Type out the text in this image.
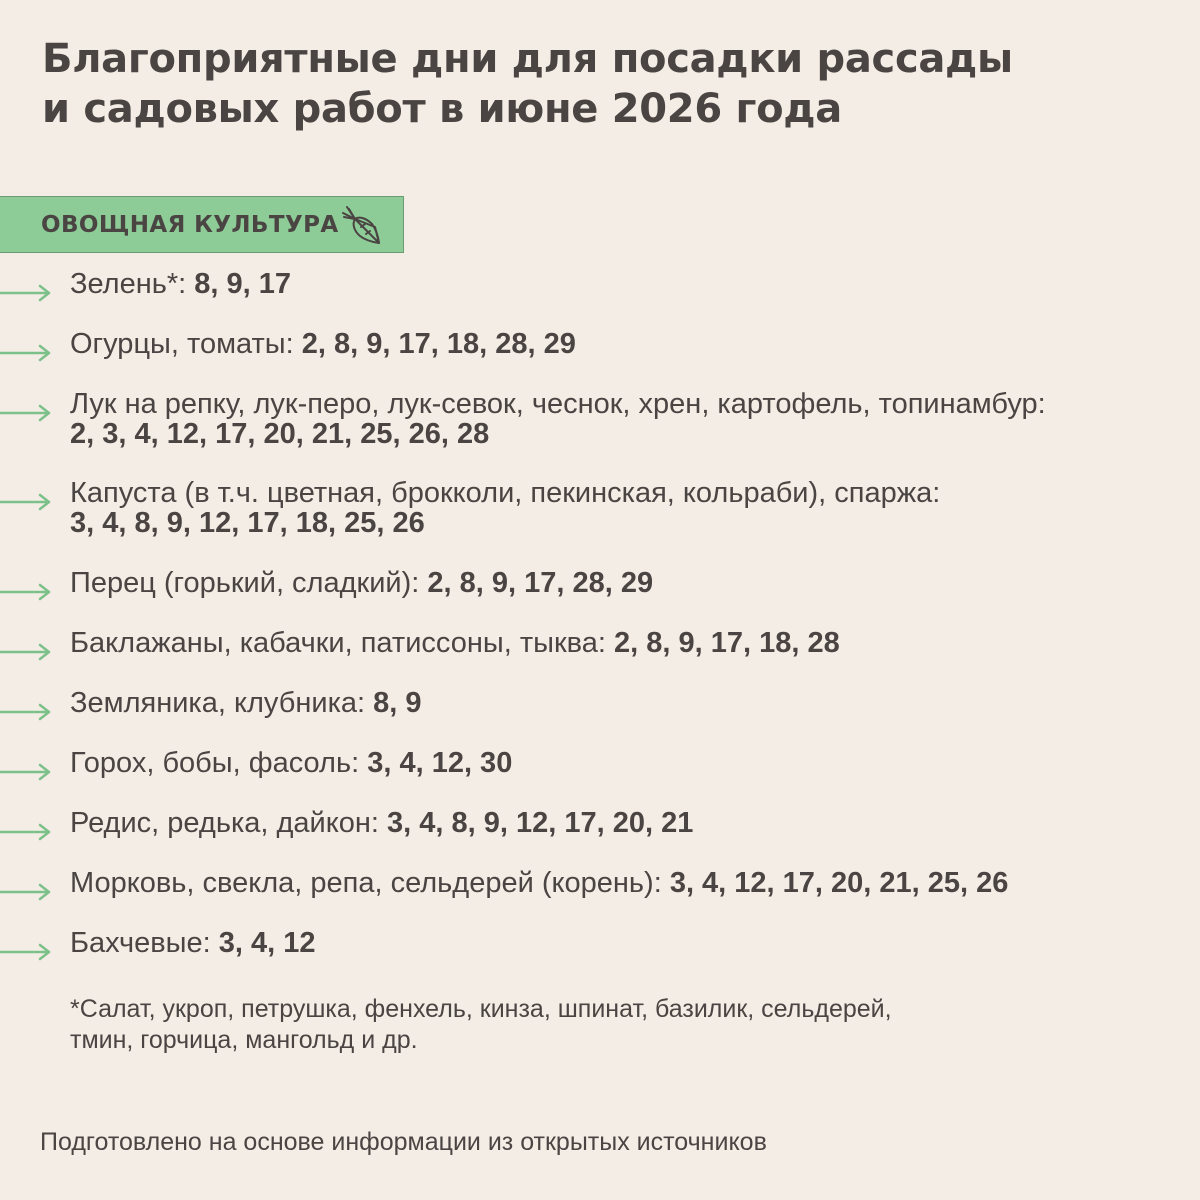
Благоприятные дни для посадки рассады
и садовых работ в июне 2026 года
ОВОЩНАЯ КУЛЬТУРА
Зелень*: 8, 9, 17
Огурцы, томаты: 2, 8, 9, 17, 18, 28, 29
Лук на репку, лук-перо, лук-севок, чеснок, хрен, картофель, топинамбур:
2, 3, 4, 12, 17, 20, 21, 25, 26, 28
Капуста (в т.ч. цветная, брокколи, пекинская, кольраби), спаржа:
3, 4, 8, 9, 12, 17, 18, 25, 26
Перец (горький, сладкий): 2, 8, 9, 17, 28, 29
Баклажаны, кабачки, патиссоны, тыква: 2, 8, 9, 17, 18, 28
Земляника, клубника: 8, 9
Горох, бобы, фасоль: 3, 4, 12, 30
Редис, редька, дайкон: 3, 4, 8, 9, 12, 17, 20, 21
Морковь, свекла, репа, сельдерей (корень): 3, 4, 12, 17, 20, 21, 25, 26
Бахчевые: 3, 4, 12
*Салат, укроп, петрушка, фенхель, кинза, шпинат, базилик, сельдерей,
тмин, горчица, мангольд и др.
Подготовлено на основе информации из открытых источников
